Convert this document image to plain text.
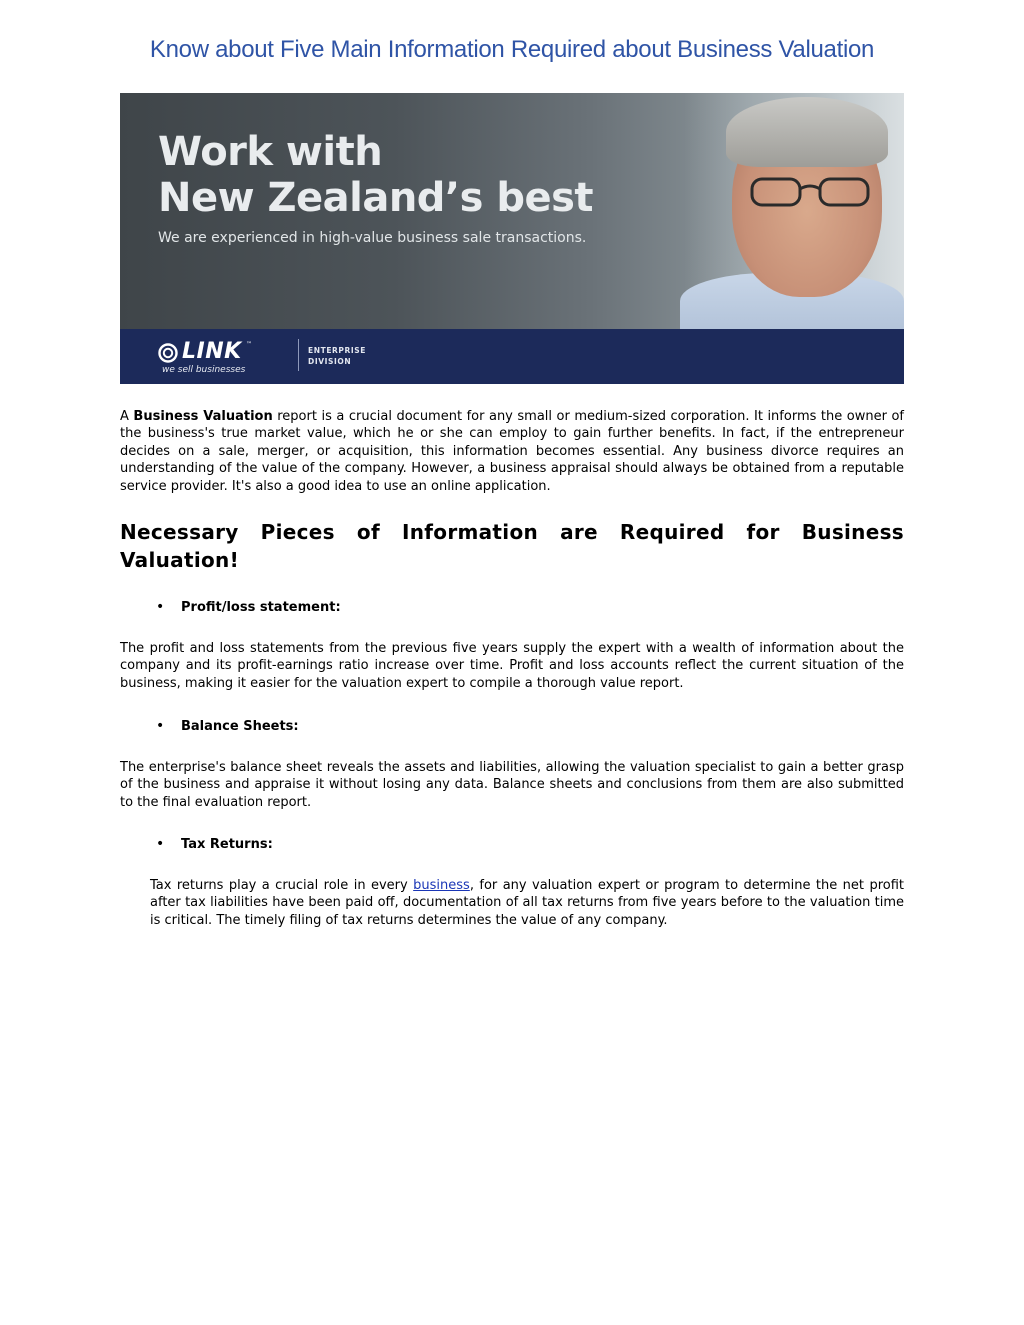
Know about Five Main Information Required about Business Valuation
Work with
New Zealand’s best
We are experienced in high-value business sale transactions.
LINK ™
we sell businesses
ENTERPRISE
DIVISION

A Business Valuation report is a crucial document for any small or medium-sized corporation. It informs the owner of the business's true market value, which he or she can employ to gain further benefits. In fact, if the entrepreneur decides on a sale, merger, or acquisition, this information becomes essential. Any business divorce requires an understanding of the value of the company. However, a business appraisal should always be obtained from a reputable service provider. It's also a good idea to use an online application.

Necessary Pieces of Information are Required for Business Valuation!
• Profit/loss statement:

The profit and loss statements from the previous five years supply the expert with a wealth of information about the company and its profit-earnings ratio increase over time. Profit and loss accounts reflect the current situation of the business, making it easier for the valuation expert to compile a thorough value report.

• Balance Sheets:

The enterprise's balance sheet reveals the assets and liabilities, allowing the valuation specialist to gain a better grasp of the business and appraise it without losing any data. Balance sheets and conclusions from them are also submitted to the final evaluation report.

• Tax Returns:

Tax returns play a crucial role in every business, for any valuation expert or program to determine the net profit after tax liabilities have been paid off, documentation of all tax returns from five years before to the valuation time is critical. The timely filing of tax returns determines the value of any company.
